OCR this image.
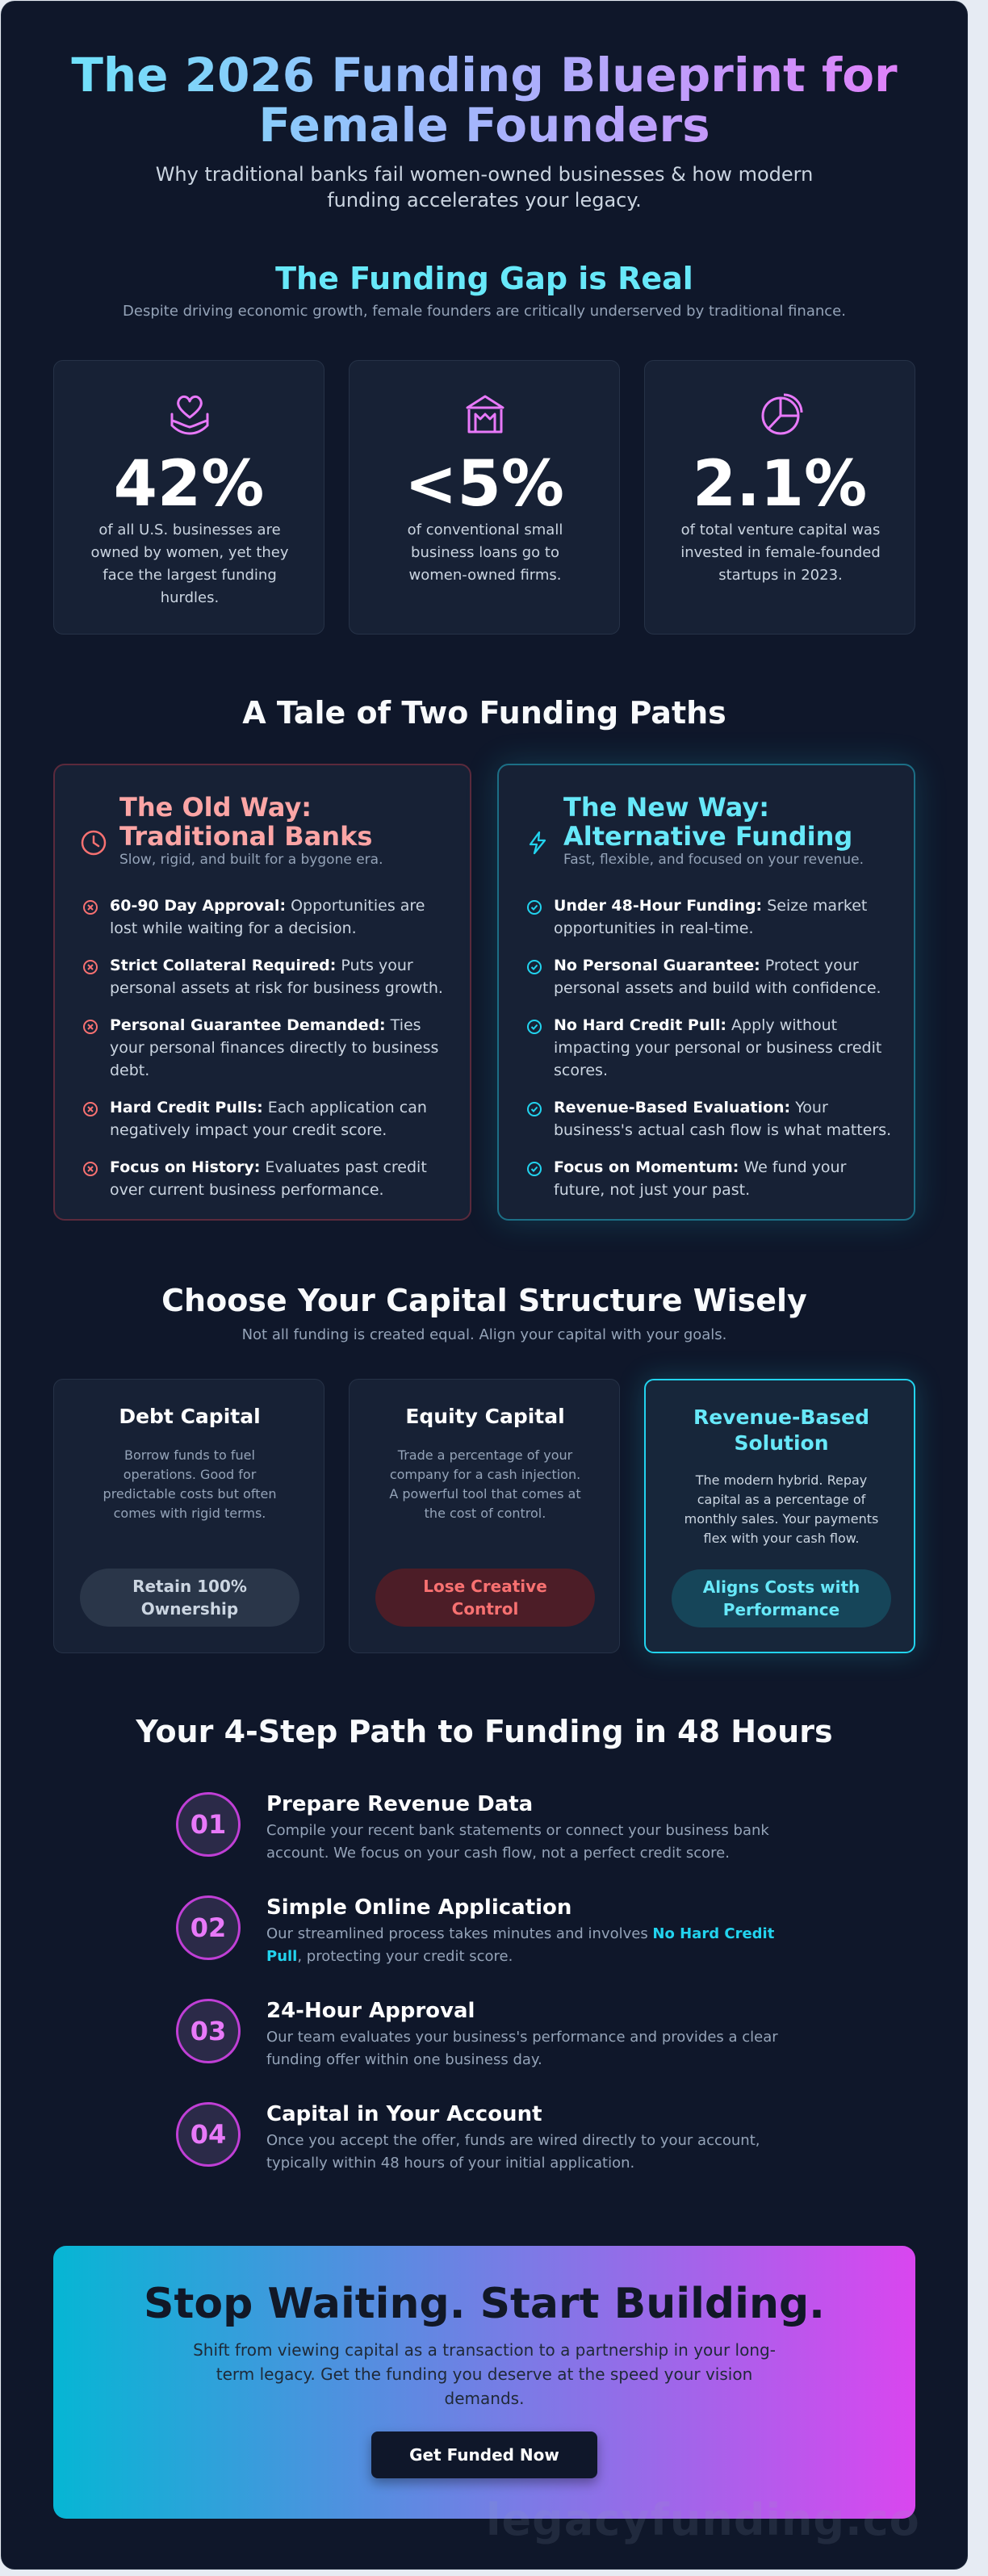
The 2026 Funding Blueprint for
Female Founders

Why traditional banks fail women-owned businesses & how modern funding accelerates your legacy.

The Funding Gap is Real

Despite driving economic growth, female founders are critically underserved by traditional finance.

42%

of all U.S. businesses are owned by women, yet they face the largest funding hurdles.

<5%

of conventional small business loans go to women-owned firms.

2.1%

of total venture capital was invested in female-founded startups in 2023.

A Tale of Two Funding Paths
The Old Way: Traditional Banks

Slow, rigid, and built for a bygone era.

60-90 Day Approval: Opportunities are lost while waiting for a decision.
Strict Collateral Required: Puts your personal assets at risk for business growth.
Personal Guarantee Demanded: Ties your personal finances directly to business debt.
Hard Credit Pulls: Each application can negatively impact your credit score.
Focus on History: Evaluates past credit over current business performance.
The New Way: Alternative Funding

Fast, flexible, and focused on your revenue.

Under 48-Hour Funding: Seize market opportunities in real-time.
No Personal Guarantee: Protect your personal assets and build with confidence.
No Hard Credit Pull: Apply without impacting your personal or business credit scores.
Revenue-Based Evaluation: Your business's actual cash flow is what matters.
Focus on Momentum: We fund your future, not just your past.
Choose Your Capital Structure Wisely

Not all funding is created equal. Align your capital with your goals.

Debt Capital

Borrow funds to fuel operations. Good for predictable costs but often comes with rigid terms.

Retain 100% Ownership
Equity Capital

Trade a percentage of your company for a cash injection. A powerful tool that comes at the cost of control.

Lose Creative Control
Revenue-Based Solution

The modern hybrid. Repay capital as a percentage of monthly sales. Your payments flex with your cash flow.

Aligns Costs with Performance
Your 4-Step Path to Funding in 48 Hours
01
Prepare Revenue Data

Compile your recent bank statements or connect your business bank account. We focus on your cash flow, not a perfect credit score.

02
Simple Online Application

Our streamlined process takes minutes and involves No Hard Credit Pull, protecting your credit score.

03
24-Hour Approval

Our team evaluates your business's performance and provides a clear funding offer within one business day.

04
Capital in Your Account

Once you accept the offer, funds are wired directly to your account, typically within 48 hours of your initial application.

Stop Waiting. Start Building.

Shift from viewing capital as a transaction to a partnership in your long-term legacy. Get the funding you deserve at the speed your vision demands.

Get Funded Now
legacyfunding.co
